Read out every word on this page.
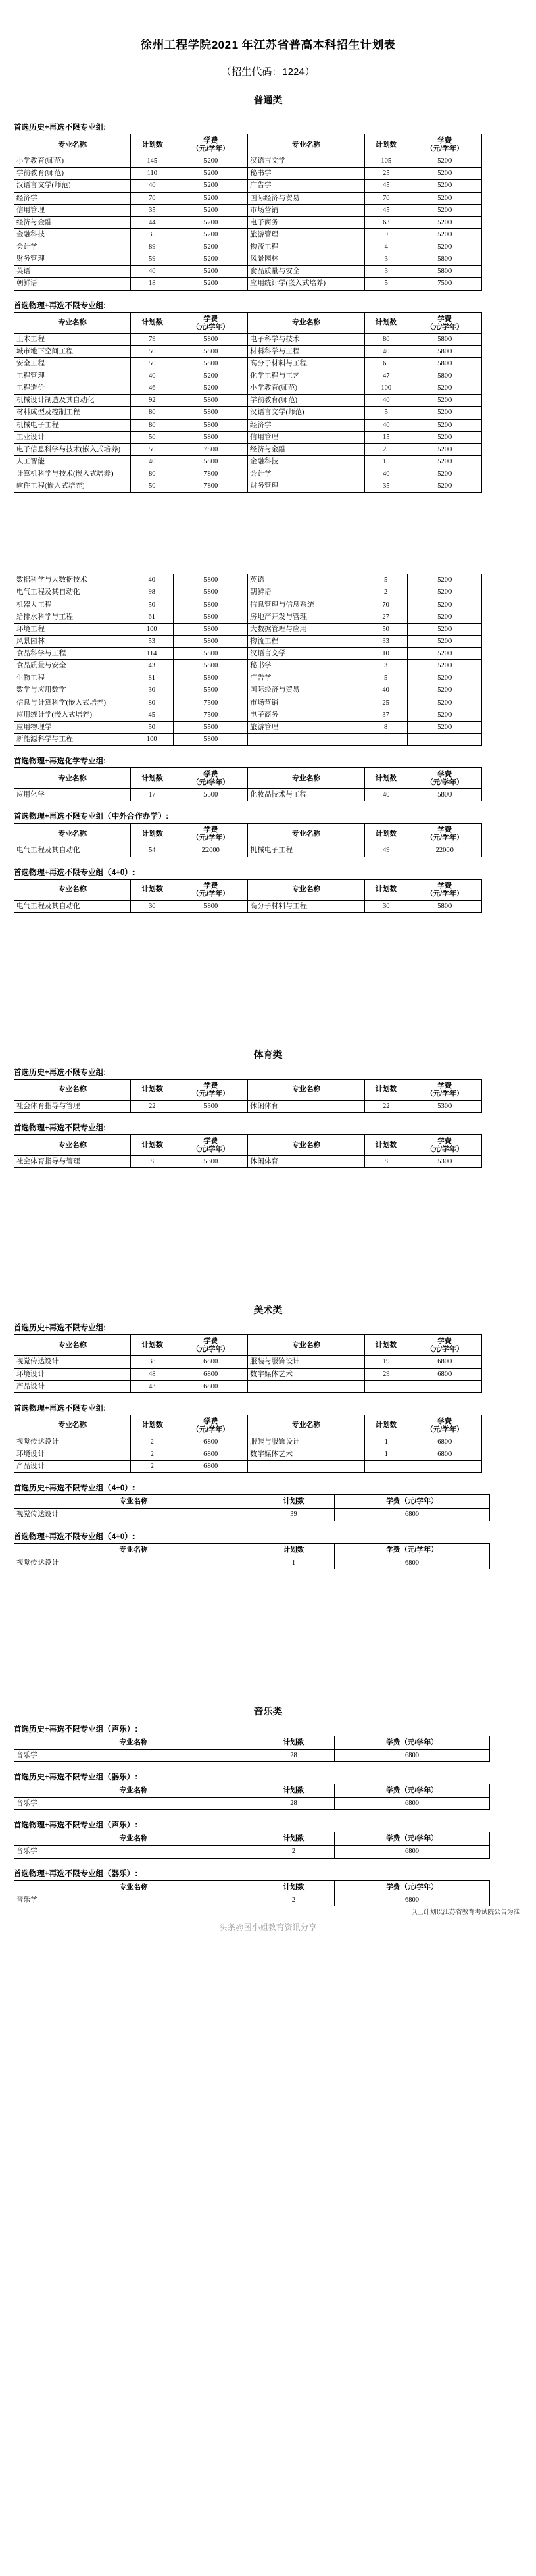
徐州工程学院2021 年江苏省普高本科招生计划表
（招生代码：1224）
普通类
首选历史+再选不限专业组:
专业名称	计划数	学费
（元/学年）
	专业名称	计划数	学费
（元/学年）

小学教育(师范)	145	5200	汉语言文学	105	5200
学前教育(师范)	110	5200	秘书学	25	5200
汉语言文学(师范)	40	5200	广告学	45	5200
经济学	70	5200	国际经济与贸易	70	5200
信用管理	35	5200	市场营销	45	5200
经济与金融	44	5200	电子商务	63	5200
金融科技	35	5200	旅游管理	9	5200
会计学	89	5200	物流工程	4	5200
财务管理	59	5200	风景园林	3	5800
英语	40	5200	食品质量与安全	3	5800
朝鲜语	18	5200	应用统计学(嵌入式培养)	5	7500
首选物理+再选不限专业组:
专业名称	计划数	学费
（元/学年）
	专业名称	计划数	学费
（元/学年）

土木工程	79	5800	电子科学与技术	80	5800
城市地下空间工程	50	5800	材料科学与工程	40	5800
安全工程	50	5800	高分子材料与工程	65	5800
工程管理	40	5200	化学工程与工艺	47	5800
工程造价	46	5200	小学教育(师范)	100	5200
机械设计制造及其自动化	92	5800	学前教育(师范)	40	5200
材料成型及控制工程	80	5800	汉语言文学(师范)	5	5200
机械电子工程	80	5800	经济学	40	5200
工业设计	50	5800	信用管理	15	5200
电子信息科学与技术(嵌入式培养)	50	7800	经济与金融	25	5200
人工智能	40	5800	金融科技	15	5200
计算机科学与技术(嵌入式培养)	80	7800	会计学	40	5200
软件工程(嵌入式培养)	50	7800	财务管理	35	5200
数据科学与大数据技术	40	5800	英语	5	5200
电气工程及其自动化	98	5800	朝鲜语	2	5200
机器人工程	50	5800	信息管理与信息系统	70	5200
给排水科学与工程	61	5800	房地产开发与管理	27	5200
环境工程	100	5800	大数据管理与应用	50	5200
风景园林	53	5800	物流工程	33	5200
食品科学与工程	114	5800	汉语言文学	10	5200
食品质量与安全	43	5800	秘书学	3	5200
生物工程	81	5800	广告学	5	5200
数学与应用数学	30	5500	国际经济与贸易	40	5200
信息与计算科学(嵌入式培养)	80	7500	市场营销	25	5200
应用统计学(嵌入式培养)	45	7500	电子商务	37	5200
应用物理学	50	5500	旅游管理	8	5200
新能源科学与工程	100	5800			
首选物理+再选化学专业组:
专业名称	计划数	学费
（元/学年）
	专业名称	计划数	学费
（元/学年）

应用化学	17	5500	化妆品技术与工程	40	5800
首选物理+再选不限专业组（中外合作办学）:
专业名称	计划数	学费
（元/学年）
	专业名称	计划数	学费
（元/学年）

电气工程及其自动化	54	22000	机械电子工程	49	22000
首选物理+再选不限专业组（4+0）:
专业名称	计划数	学费
（元/学年）
	专业名称	计划数	学费
（元/学年）

电气工程及其自动化	30	5800	高分子材料与工程	30	5800
体育类
首选历史+再选不限专业组:
专业名称	计划数	学费
（元/学年）
	专业名称	计划数	学费
（元/学年）

社会体育指导与管理	22	5300	休闲体育	22	5300
首选物理+再选不限专业组:
专业名称	计划数	学费
（元/学年）
	专业名称	计划数	学费
（元/学年）

社会体育指导与管理	8	5300	休闲体育	8	5300
美术类
首选历史+再选不限专业组:
专业名称	计划数	学费
（元/学年）
	专业名称	计划数	学费
（元/学年）

视觉传达设计	38	6800	服装与服饰设计	19	6800
环境设计	48	6800	数字媒体艺术	29	6800
产品设计	43	6800			
首选物理+再选不限专业组:
专业名称	计划数	学费
（元/学年）
	专业名称	计划数	学费
（元/学年）

视觉传达设计	2	6800	服装与服饰设计	1	6800
环境设计	2	6800	数字媒体艺术	1	6800
产品设计	2	6800			
首选历史+再选不限专业组（4+0）:
专业名称	计划数	学费（元/学年）
视觉传达设计	39	6800
首选物理+再选不限专业组（4+0）:
专业名称	计划数	学费（元/学年）
视觉传达设计	1	6800
音乐类
首选历史+再选不限专业组（声乐）:
专业名称	计划数	学费（元/学年）
音乐学	28	6800
首选历史+再选不限专业组（器乐）:
专业名称	计划数	学费（元/学年）
音乐学	28	6800
首选物理+再选不限专业组（声乐）:
专业名称	计划数	学费（元/学年）
音乐学	2	6800
首选物理+再选不限专业组（器乐）:
专业名称	计划数	学费（元/学年）
音乐学	2	6800
以上计划以江苏省教育考试院公告为准
头条@图小姐教育资讯分享
